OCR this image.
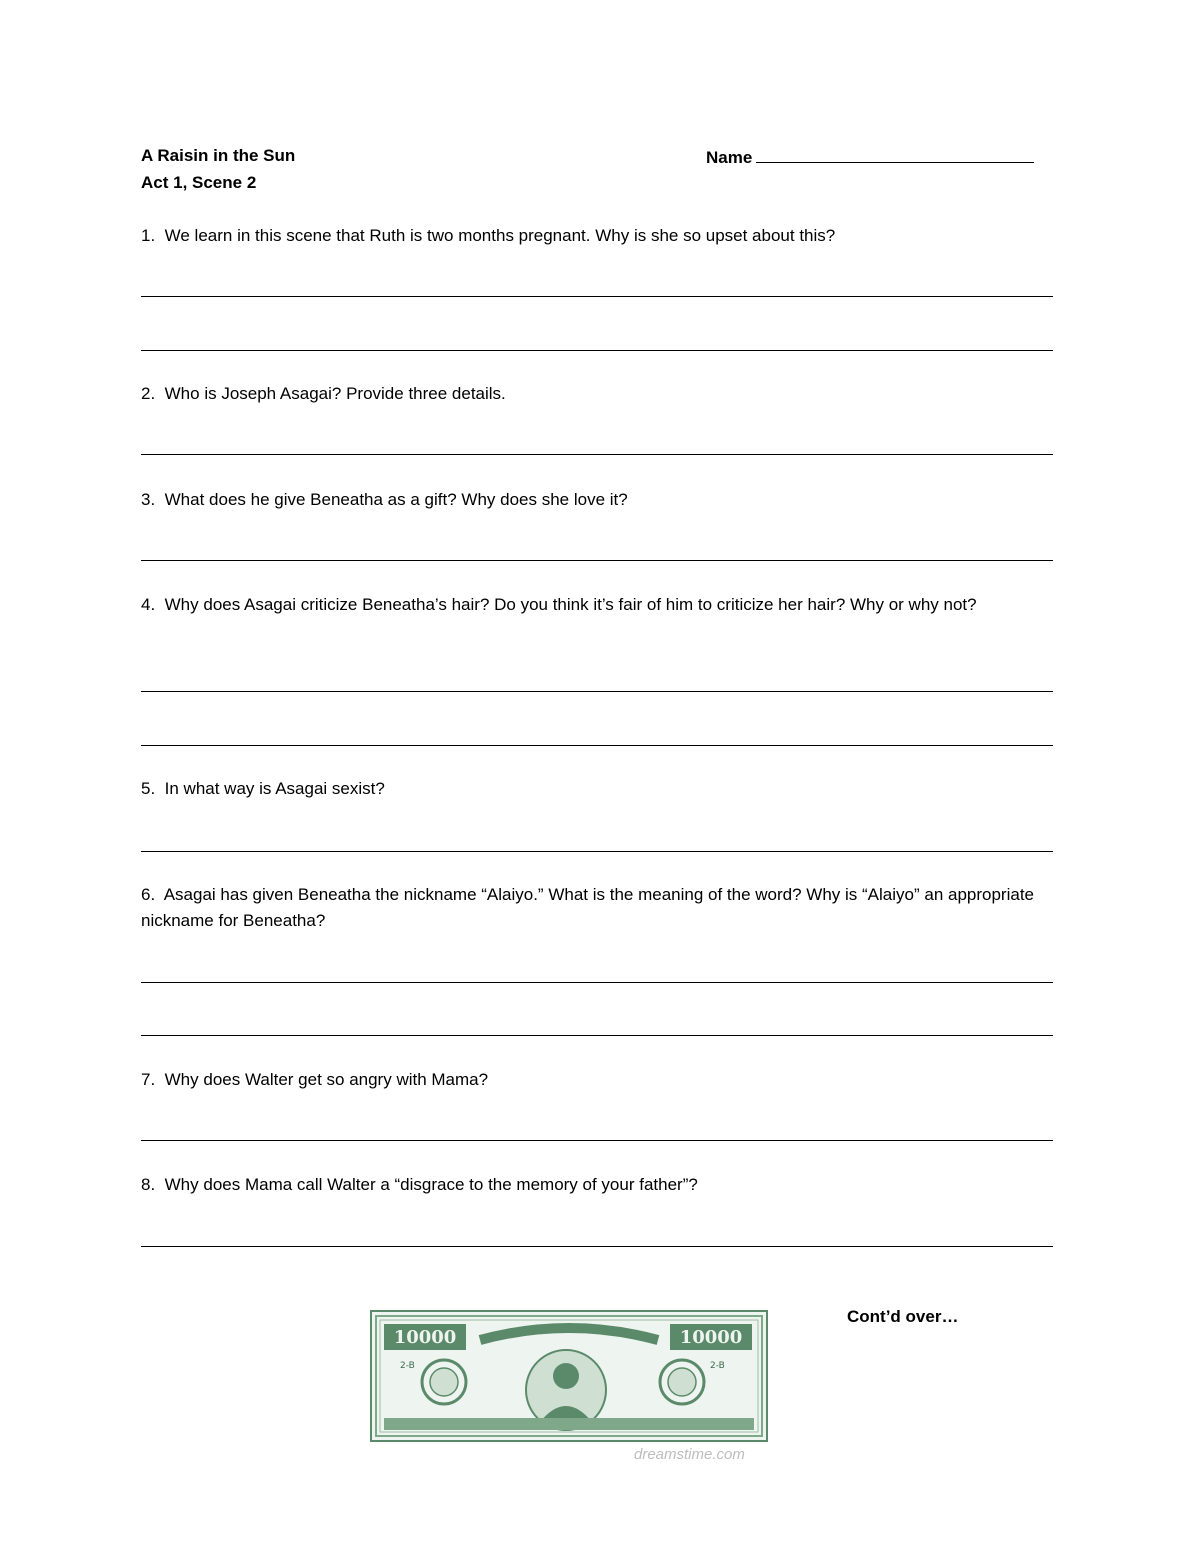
A Raisin in the Sun
Act 1, Scene 2
Name
1. We learn in this scene that Ruth is two months pregnant. Why is she so upset about this?
2. Who is Joseph Asagai? Provide three details.
3. What does he give Beneatha as a gift? Why does she love it?
4. Why does Asagai criticize Beneatha’s hair? Do you think it’s fair of him to criticize her hair? Why or why not?
5. In what way is Asagai sexist?
6. Asagai has given Beneatha the nickname “Alaiyo.” What is the meaning of the word? Why is “Alaiyo” an appropriate nickname for Beneatha?
7. Why does Walter get so angry with Mama?
8. Why does Mama call Walter a “disgrace to the memory of your father”?
10000	10000
2-B	2-B
dreamstime.com
Cont’d over…
